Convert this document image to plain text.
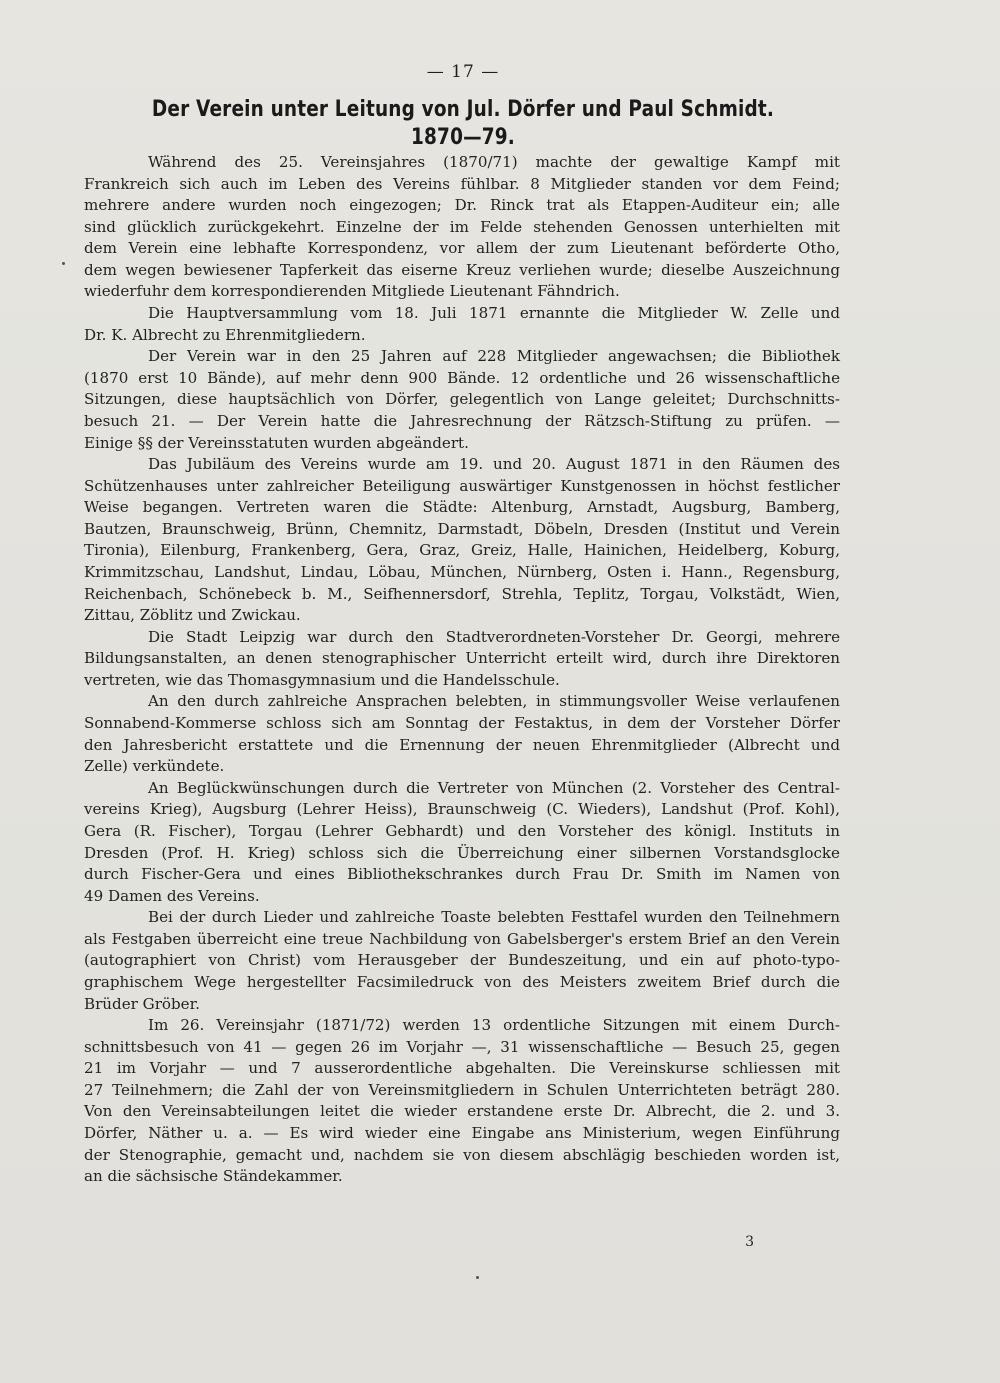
— 17 —
Der Verein unter Leitung von Jul. Dörfer und Paul Schmidt.
1870—79.
Während des 25. Vereinsjahres (1870/71) machte der gewaltige Kampf mit
Frankreich sich auch im Leben des Vereins fühlbar. 8 Mitglieder standen vor dem Feind;
mehrere andere wurden noch eingezogen; Dr. Rinck trat als Etappen-Auditeur ein; alle
sind glücklich zurückgekehrt. Einzelne der im Felde stehenden Genossen unterhielten mit
dem Verein eine lebhafte Korrespondenz, vor allem der zum Lieutenant beförderte Otho,
dem wegen bewiesener Tapferkeit das eiserne Kreuz verliehen wurde; dieselbe Auszeichnung
wiederfuhr dem korrespondierenden Mitgliede Lieutenant Fähndrich.
Die Hauptversammlung vom 18. Juli 1871 ernannte die Mitglieder W. Zelle und
Dr. K. Albrecht zu Ehrenmitgliedern.
Der Verein war in den 25 Jahren auf 228 Mitglieder angewachsen; die Bibliothek
(1870 erst 10 Bände), auf mehr denn 900 Bände. 12 ordentliche und 26 wissenschaftliche
Sitzungen, diese hauptsächlich von Dörfer, gelegentlich von Lange geleitet; Durchschnitts-
besuch 21. — Der Verein hatte die Jahresrechnung der Rätzsch-Stiftung zu prüfen. —
Einige §§ der Vereinsstatuten wurden abgeändert.
Das Jubiläum des Vereins wurde am 19. und 20. August 1871 in den Räumen des
Schützenhauses unter zahlreicher Beteiligung auswärtiger Kunstgenossen in höchst festlicher
Weise begangen. Vertreten waren die Städte: Altenburg, Arnstadt, Augsburg, Bamberg,
Bautzen, Braunschweig, Brünn, Chemnitz, Darmstadt, Döbeln, Dresden (Institut und Verein
Tironia), Eilenburg, Frankenberg, Gera, Graz, Greiz, Halle, Hainichen, Heidelberg, Koburg,
Krimmitzschau, Landshut, Lindau, Löbau, München, Nürnberg, Osten i. Hann., Regensburg,
Reichenbach, Schönebeck b. M., Seifhennersdorf, Strehla, Teplitz, Torgau, Volkstädt, Wien,
Zittau, Zöblitz und Zwickau.
Die Stadt Leipzig war durch den Stadtverordneten-Vorsteher Dr. Georgi, mehrere
Bildungsanstalten, an denen stenographischer Unterricht erteilt wird, durch ihre Direktoren
vertreten, wie das Thomasgymnasium und die Handelsschule.
An den durch zahlreiche Ansprachen belebten, in stimmungsvoller Weise verlaufenen
Sonnabend-Kommerse schloss sich am Sonntag der Festaktus, in dem der Vorsteher Dörfer
den Jahresbericht erstattete und die Ernennung der neuen Ehrenmitglieder (Albrecht und
Zelle) verkündete.
An Beglückwünschungen durch die Vertreter von München (2. Vorsteher des Central-
vereins Krieg), Augsburg (Lehrer Heiss), Braunschweig (C. Wieders), Landshut (Prof. Kohl),
Gera (R. Fischer), Torgau (Lehrer Gebhardt) und den Vorsteher des königl. Instituts in
Dresden (Prof. H. Krieg) schloss sich die Überreichung einer silbernen Vorstandsglocke
durch Fischer-Gera und eines Bibliothekschrankes durch Frau Dr. Smith im Namen von
49 Damen des Vereins.
Bei der durch Lieder und zahlreiche Toaste belebten Festtafel wurden den Teilnehmern
als Festgaben überreicht eine treue Nachbildung von Gabelsberger's erstem Brief an den Verein
(autographiert von Christ) vom Herausgeber der Bundeszeitung, und ein auf photo-typo-
graphischem Wege hergestellter Facsimiledruck von des Meisters zweitem Brief durch die
Brüder Gröber.
Im 26. Vereinsjahr (1871/72) werden 13 ordentliche Sitzungen mit einem Durch-
schnittsbesuch von 41 — gegen 26 im Vorjahr —, 31 wissenschaftliche — Besuch 25, gegen
21 im Vorjahr — und 7 ausserordentliche abgehalten. Die Vereinskurse schliessen mit
27 Teilnehmern; die Zahl der von Vereinsmitgliedern in Schulen Unterrichteten beträgt 280.
Von den Vereinsabteilungen leitet die wieder erstandene erste Dr. Albrecht, die 2. und 3.
Dörfer, Näther u. a. — Es wird wieder eine Eingabe ans Ministerium, wegen Einführung
der Stenographie, gemacht und, nachdem sie von diesem abschlägig beschieden worden ist,
an die sächsische Ständekammer.
3
